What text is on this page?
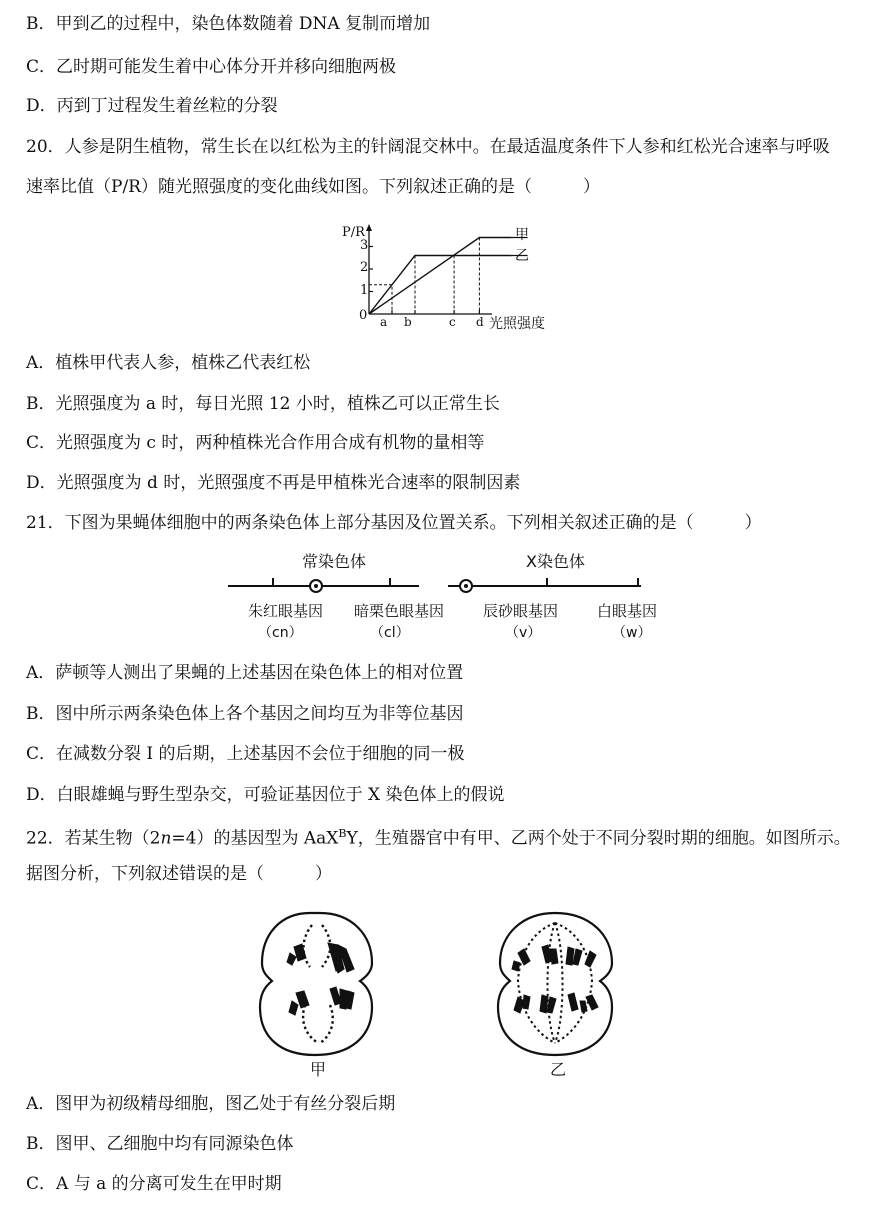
B．甲到乙的过程中，染色体数随着 DNA 复制而增加
C．乙时期可能发生着中心体分开并移向细胞两极
D．丙到丁过程发生着丝粒的分裂
20．人参是阴生植物，常生长在以红松为主的针阔混交林中。在最适温度条件下人参和红松光合速率与呼吸
速率比值（P/R）随光照强度的变化曲线如图。下列叙述正确的是（　　　）
P/R
0
1
2
3
a b	c d 光照强度
甲
乙
A．植株甲代表人参，植株乙代表红松
B．光照强度为 a 时，每日光照 12 小时，植株乙可以正常生长
C．光照强度为 c 时，两种植株光合作用合成有机物的量相等
D．光照强度为 d 时，光照强度不再是甲植株光合速率的限制因素
21．下图为果蝇体细胞中的两条染色体上部分基因及位置关系。下列相关叙述正确的是（　　　）
常染色体	X染色体
朱红眼基因
（cn）
暗栗色眼基因
（cl）
辰砂眼基因
（v）
白眼基因
（w）
A．萨顿等人测出了果蝇的上述基因在染色体上的相对位置
B．图中所示两条染色体上各个基因之间均互为非等位基因
C．在减数分裂 I 的后期，上述基因不会位于细胞的同一极
D．白眼雄蝇与野生型杂交，可验证基因位于 X 染色体上的假说
22．若某生物（2n=4）的基因型为 AaX$^B$Y，生殖器官中有甲、乙两个处于不同分裂时期的细胞。如图所示。
据图分析，下列叙述错误的是（　　　）
甲	乙
A．图甲为初级精母细胞，图乙处于有丝分裂后期
B．图甲、乙细胞中均有同源染色体
C．A 与 a 的分离可发生在甲时期
